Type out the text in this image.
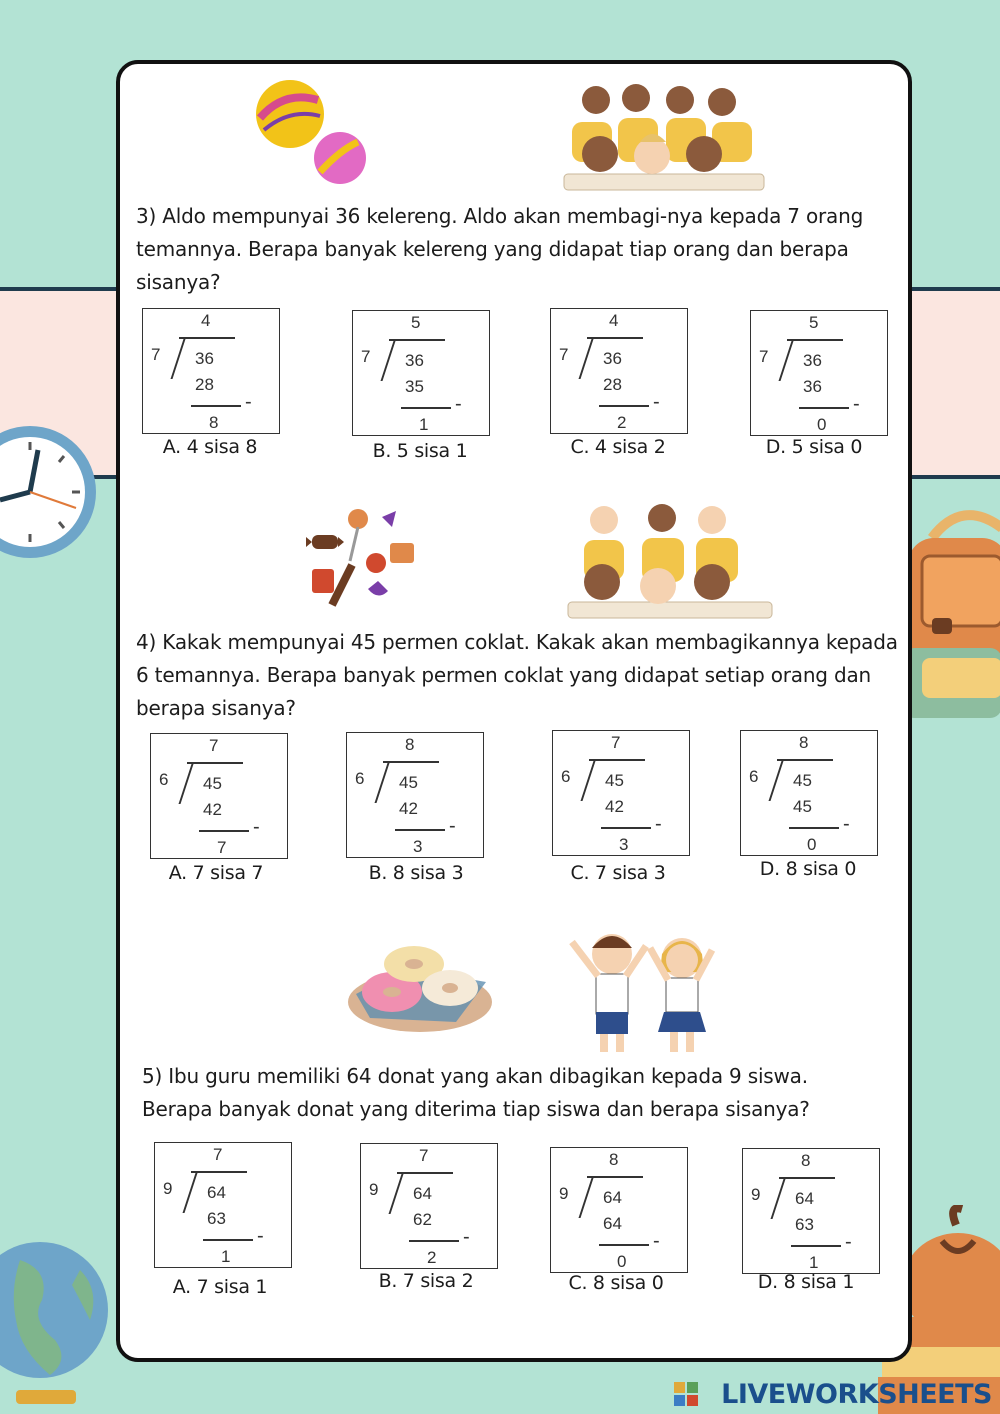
3) Aldo mempunyai 36 kelereng. Aldo akan membagi-nya kepada 7 orang temannya. Berapa banyak kelereng yang didapat tiap orang dan berapa sisanya?
4) Kakak mempunyai 45 permen coklat. Kakak akan membagikannya kepada 6 temannya. Berapa banyak permen coklat yang didapat setiap orang dan berapa sisanya?
5) Ibu guru memiliki 64 donat yang akan dibagikan kepada 9 siswa. Berapa banyak donat yang diterima tiap siswa dan berapa sisanya?
4
7 36
28
8
-
A. 4 sisa 8
5
7 36
35
1
-
B. 5 sisa 1
4
7 36
28
2
-
C. 4 sisa 2
5
7 36
36
0
-
D. 5 sisa 0
7
6 45
42
7
-
A. 7 sisa 7
8
6 45
42
3
-
B. 8 sisa 3
7
6 45
42
3
-
C. 7 sisa 3
8
6 45
45
0
-
D. 8 sisa 0
7
9 64
63
1
-
A. 7 sisa 1
7
9 64
62
2
-
B. 7 sisa 2
8
9 64
64
0
-
C. 8 sisa 0
8
9 64
63
1
-
D. 8 sisa 1
LIVEWORKSHEETS
